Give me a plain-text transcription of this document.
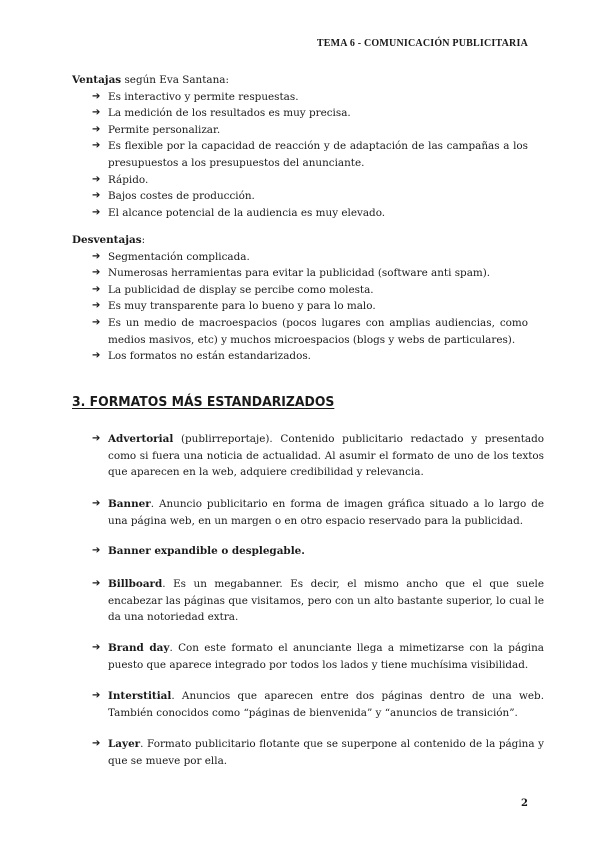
TEMA 6 - COMUNICACIÓN PUBLICITARIA
Ventajas según Eva Santana:
➔ Es interactivo y permite respuestas.
➔ La medición de los resultados es muy precisa.
➔ Permite personalizar.
➔ Es flexible por la capacidad de reacción y de adaptación de las campañas a los presupuestos a los presupuestos del anunciante.
➔ Rápido.
➔ Bajos costes de producción.
➔ El alcance potencial de la audiencia es muy elevado.
Desventajas:
➔ Segmentación complicada.
➔ Numerosas herramientas para evitar la publicidad (software anti spam).
➔ La publicidad de display se percibe como molesta.
➔ Es muy transparente para lo bueno y para lo malo.
➔ Es un medio de macroespacios (pocos lugares con amplias audiencias, como medios masivos, etc) y muchos microespacios (blogs y webs de particulares).
➔ Los formatos no están estandarizados.
3. FORMATOS MÁS ESTANDARIZADOS
➔ Advertorial (publirreportaje). Contenido publicitario redactado y presentado como si fuera una noticia de actualidad. Al asumir el formato de uno de los textos que aparecen en la web, adquiere credibilidad y relevancia.
➔ Banner. Anuncio publicitario en forma de imagen gráfica situado a lo largo de una página web, en un margen o en otro espacio reservado para la publicidad.
➔ Banner expandible o desplegable.
➔ Billboard. Es un megabanner. Es decir, el mismo ancho que el que suele encabezar las páginas que visitamos, pero con un alto bastante superior, lo cual le da una notoriedad extra.
➔ Brand day. Con este formato el anunciante llega a mimetizarse con la página puesto que aparece integrado por todos los lados y tiene muchísima visibilidad.
➔ Interstitial. Anuncios que aparecen entre dos páginas dentro de una web. También conocidos como “páginas de bienvenida” y “anuncios de transición”.
➔ Layer. Formato publicitario flotante que se superpone al contenido de la página y que se mueve por ella.
2
